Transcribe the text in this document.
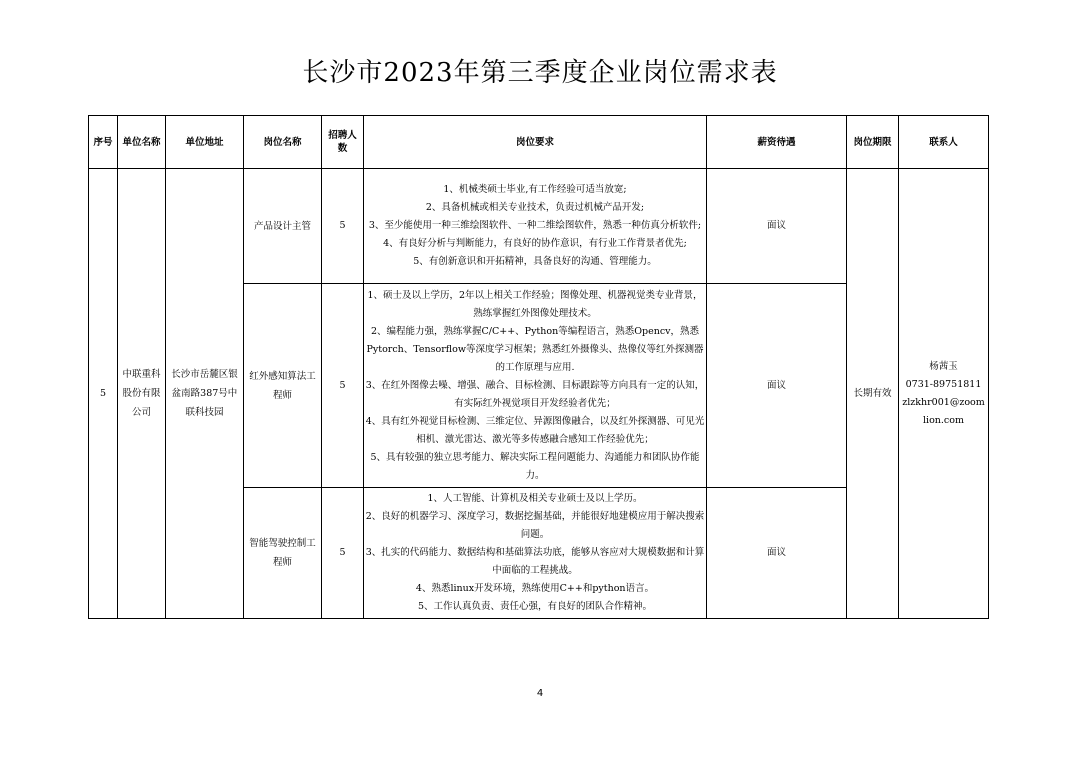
长沙市2023年第三季度企业岗位需求表
序号	单位名称	单位地址	岗位名称	招聘人数	岗位要求	薪资待遇	岗位期限	联系人
5	中联重科股份有限公司	长沙市岳麓区银盆南路387号中联科技园	产品设计主管	5	1、机械类硕士毕业,有工作经验可适当放宽;
2、具备机械或相关专业技术，负责过机械产品开发;
3、至少能使用一种三维绘图软件、一种二维绘图软件，熟悉一种仿真分析软件;
4、有良好分析与判断能力，有良好的协作意识，有行业工作背景者优先;
5、有创新意识和开拓精神，具备良好的沟通、管理能力。	面议	长期有效	杨茜玉
0731-89751811
zlzkhr001@zoomlion.com

			红外感知算法工程师	5	1、硕士及以上学历，2年以上相关工作经验；图像处理、机器视觉类专业背景，熟练掌握红外图像处理技术。
2、编程能力强，熟练掌握C/C++、Python等编程语言，熟悉Opencv，熟悉Pytorch、Tensorflow等深度学习框架；熟悉红外摄像头、热像仪等红外探测器的工作原理与应用.
3、在红外图像去噪、增强、融合、目标检测、目标跟踪等方向具有一定的认知，有实际红外视觉项目开发经验者优先；
4、具有红外视觉目标检测、三维定位、异源图像融合，以及红外探测器、可见光相机、激光雷达、激光等多传感融合感知工作经验优先；
5、具有较强的独立思考能力、解决实际工程问题能力、沟通能力和团队协作能力。	面议		
			智能驾驶控制工程师	5	1、人工智能、计算机及相关专业硕士及以上学历。
2、良好的机器学习、深度学习，数据挖掘基础，并能很好地建模应用于解决搜索问题。
3、扎实的代码能力、数据结构和基础算法功底，能够从容应对大规模数据和计算中面临的工程挑战。
4、熟悉linux开发环境，熟练使用C++和python语言。
5、工作认真负责、责任心强，有良好的团队合作精神。	面议		
4
